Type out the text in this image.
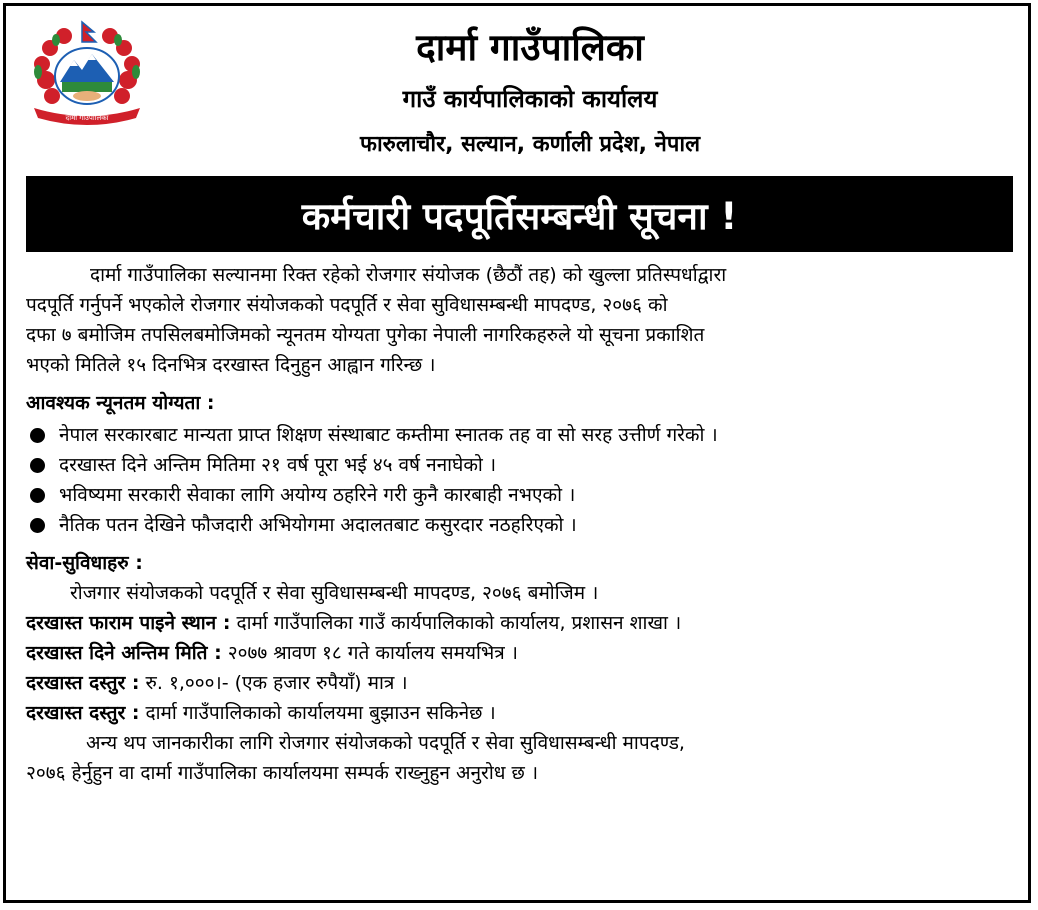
दार्मा गाउँपालिका
दार्मा गाउँपालिका
गाउँ कार्यपालिकाको कार्यालय
फारुलाचौर, सल्यान, कर्णाली प्रदेश, नेपाल
कर्मचारी पदपूर्तिसम्बन्धी सूचना !
दार्मा गाउँपालिका सल्यानमा रिक्त रहेको रोजगार संयोजक (छैठौं तह) को खुल्ला प्रतिस्पर्धाद्वारा
पदपूर्ति गर्नुपर्ने भएकोले रोजगार संयोजकको पदपूर्ति र सेवा सुविधासम्बन्धी मापदण्ड, २०७६ को
दफा ७ बमोजिम तपसिलबमोजिमको न्यूनतम योग्यता पुगेका नेपाली नागरिकहरुले यो सूचना प्रकाशित
भएको मितिले १५ दिनभित्र दरखास्त दिनुहुन आह्वान गरिन्छ ।
आवश्यक न्यूनतम योग्यता :
नेपाल सरकारबाट मान्यता प्राप्त शिक्षण संस्थाबाट कम्तीमा स्नातक तह वा सो सरह उत्तीर्ण गरेको ।
दरखास्त दिने अन्तिम मितिमा २१ वर्ष पूरा भई ४५ वर्ष ननाघेको ।
भविष्यमा सरकारी सेवाका लागि अयोग्य ठहरिने गरी कुनै कारबाही नभएको ।
नैतिक पतन देखिने फौजदारी अभियोगमा अदालतबाट कसुरदार नठहरिएको ।
सेवा-सुविधाहरु :
रोजगार संयोजकको पदपूर्ति र सेवा सुविधासम्बन्धी मापदण्ड, २०७६ बमोजिम ।
दरखास्त फाराम पाइने स्थान : दार्मा गाउँपालिका गाउँ कार्यपालिकाको कार्यालय, प्रशासन शाखा ।
दरखास्त दिने अन्तिम मिति : २०७७ श्रावण १८ गते कार्यालय समयभित्र ।
दरखास्त दस्तुर : रु. १,०००।- (एक हजार रुपैयाँ) मात्र ।
दरखास्त दस्तुर : दार्मा गाउँपालिकाको कार्यालयमा बुझाउन सकिनेछ ।
अन्य थप जानकारीका लागि रोजगार संयोजकको पदपूर्ति र सेवा सुविधासम्बन्धी मापदण्ड,
२०७६ हेर्नुहुन वा दार्मा गाउँपालिका कार्यालयमा सम्पर्क राख्नुहुन अनुरोध छ ।
